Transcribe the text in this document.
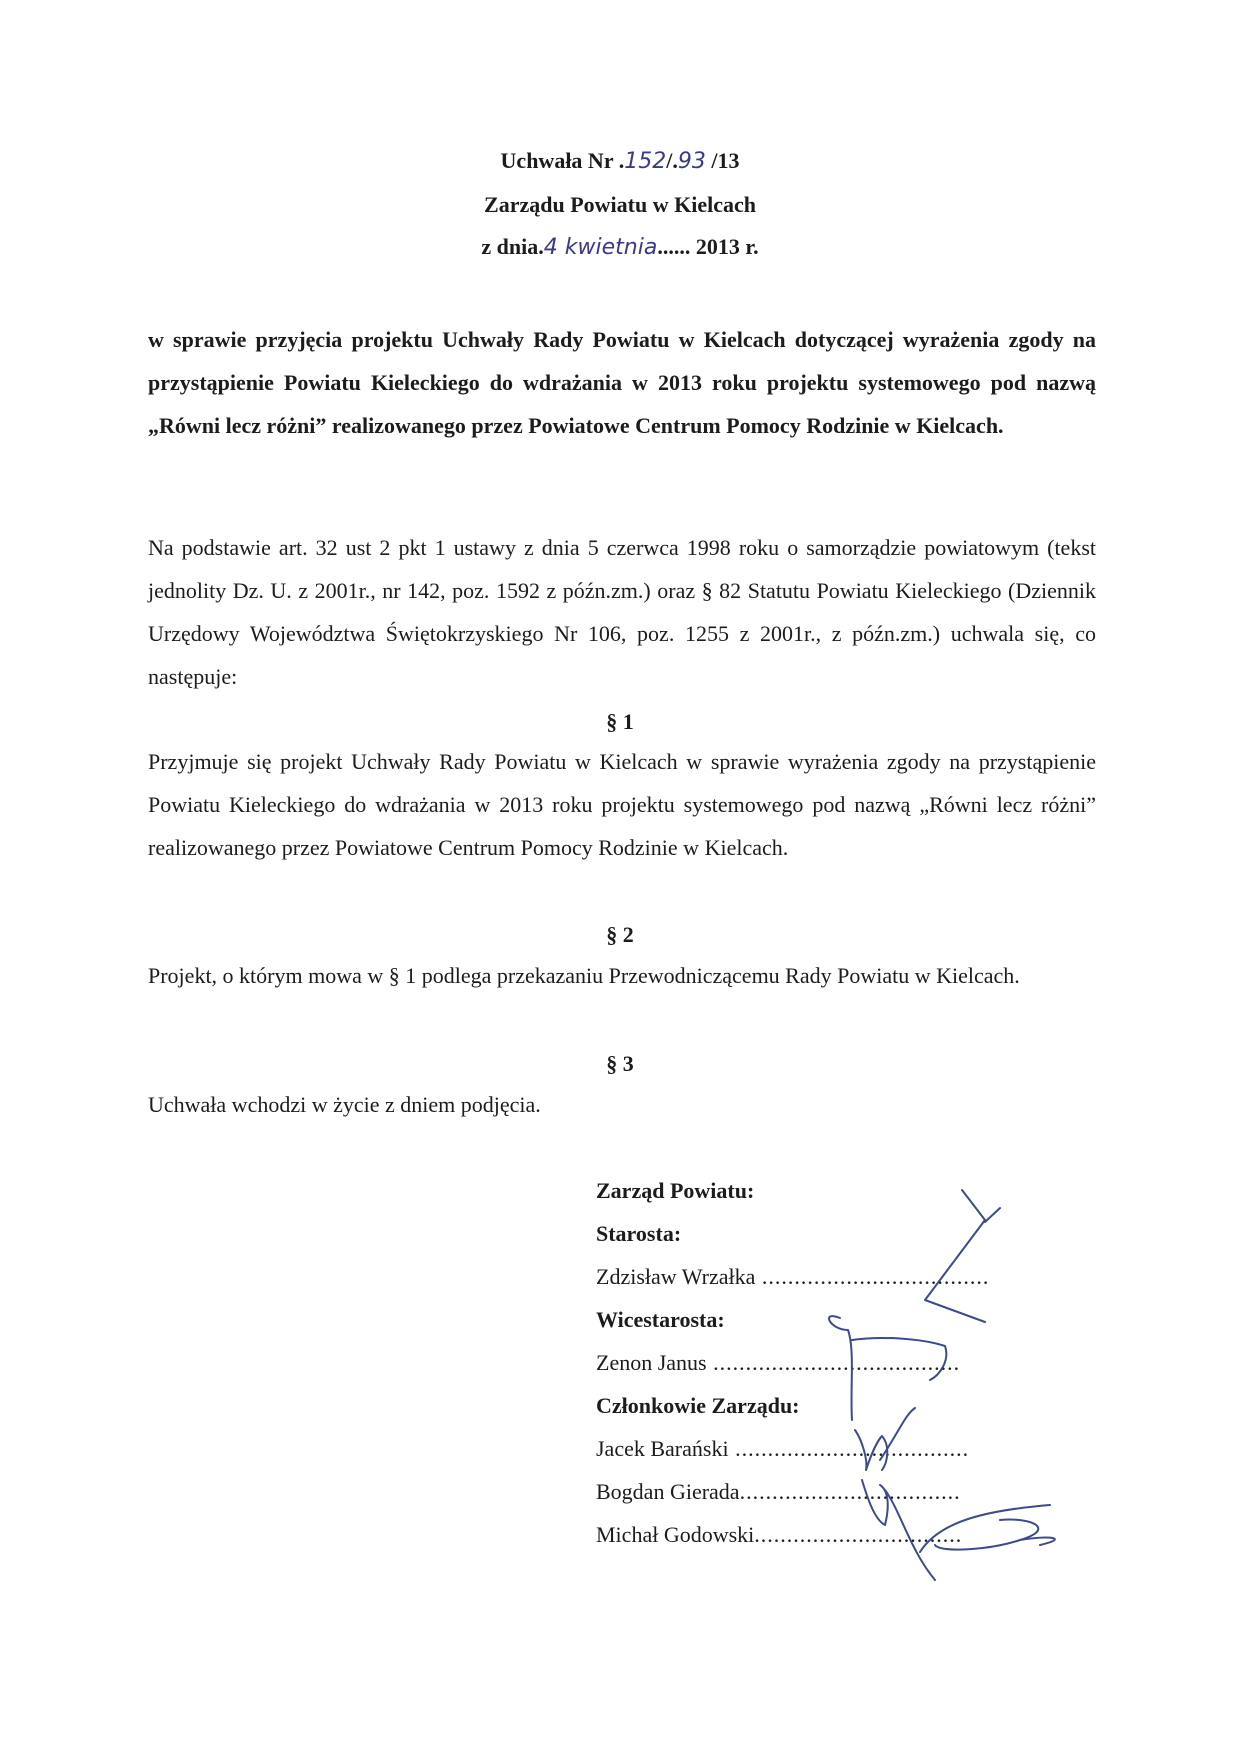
Uchwała Nr .152/.93 /13
Zarządu Powiatu w Kielcach
z dnia.4 kwietnia...... 2013 r.
w sprawie przyjęcia projektu Uchwały Rady Powiatu w Kielcach dotyczącej wyrażenia zgody na przystąpienie Powiatu Kieleckiego do wdrażania w 2013 roku projektu systemowego pod nazwą „Równi lecz różni” realizowanego przez Powiatowe Centrum Pomocy Rodzinie w Kielcach.
Na podstawie art. 32 ust 2 pkt 1 ustawy z dnia 5 czerwca 1998 roku o samorządzie powiatowym (tekst jednolity Dz. U. z 2001r., nr 142, poz. 1592 z późn.zm.) oraz § 82 Statutu Powiatu Kieleckiego (Dziennik Urzędowy Województwa Świętokrzyskiego Nr 106, poz. 1255 z 2001r., z późn.zm.) uchwala się, co następuje:
§ 1
Przyjmuje się projekt Uchwały Rady Powiatu w Kielcach w sprawie wyrażenia zgody na przystąpienie Powiatu Kieleckiego do wdrażania w 2013 roku projektu systemowego pod nazwą „Równi lecz różni” realizowanego przez Powiatowe Centrum Pomocy Rodzinie w Kielcach.
§ 2
Projekt, o którym mowa w § 1 podlega przekazaniu Przewodniczącemu Rady Powiatu w Kielcach.
§ 3
Uchwała wchodzi w życie z dniem podjęcia.
Zarząd Powiatu:
Starosta:
Zdzisław Wrzałka ...................................
Wicestarosta:
Zenon Janus ......................................
Członkowie Zarządu:
Jacek Barański ....................................
Bogdan Gierada..................................
Michał Godowski................................
